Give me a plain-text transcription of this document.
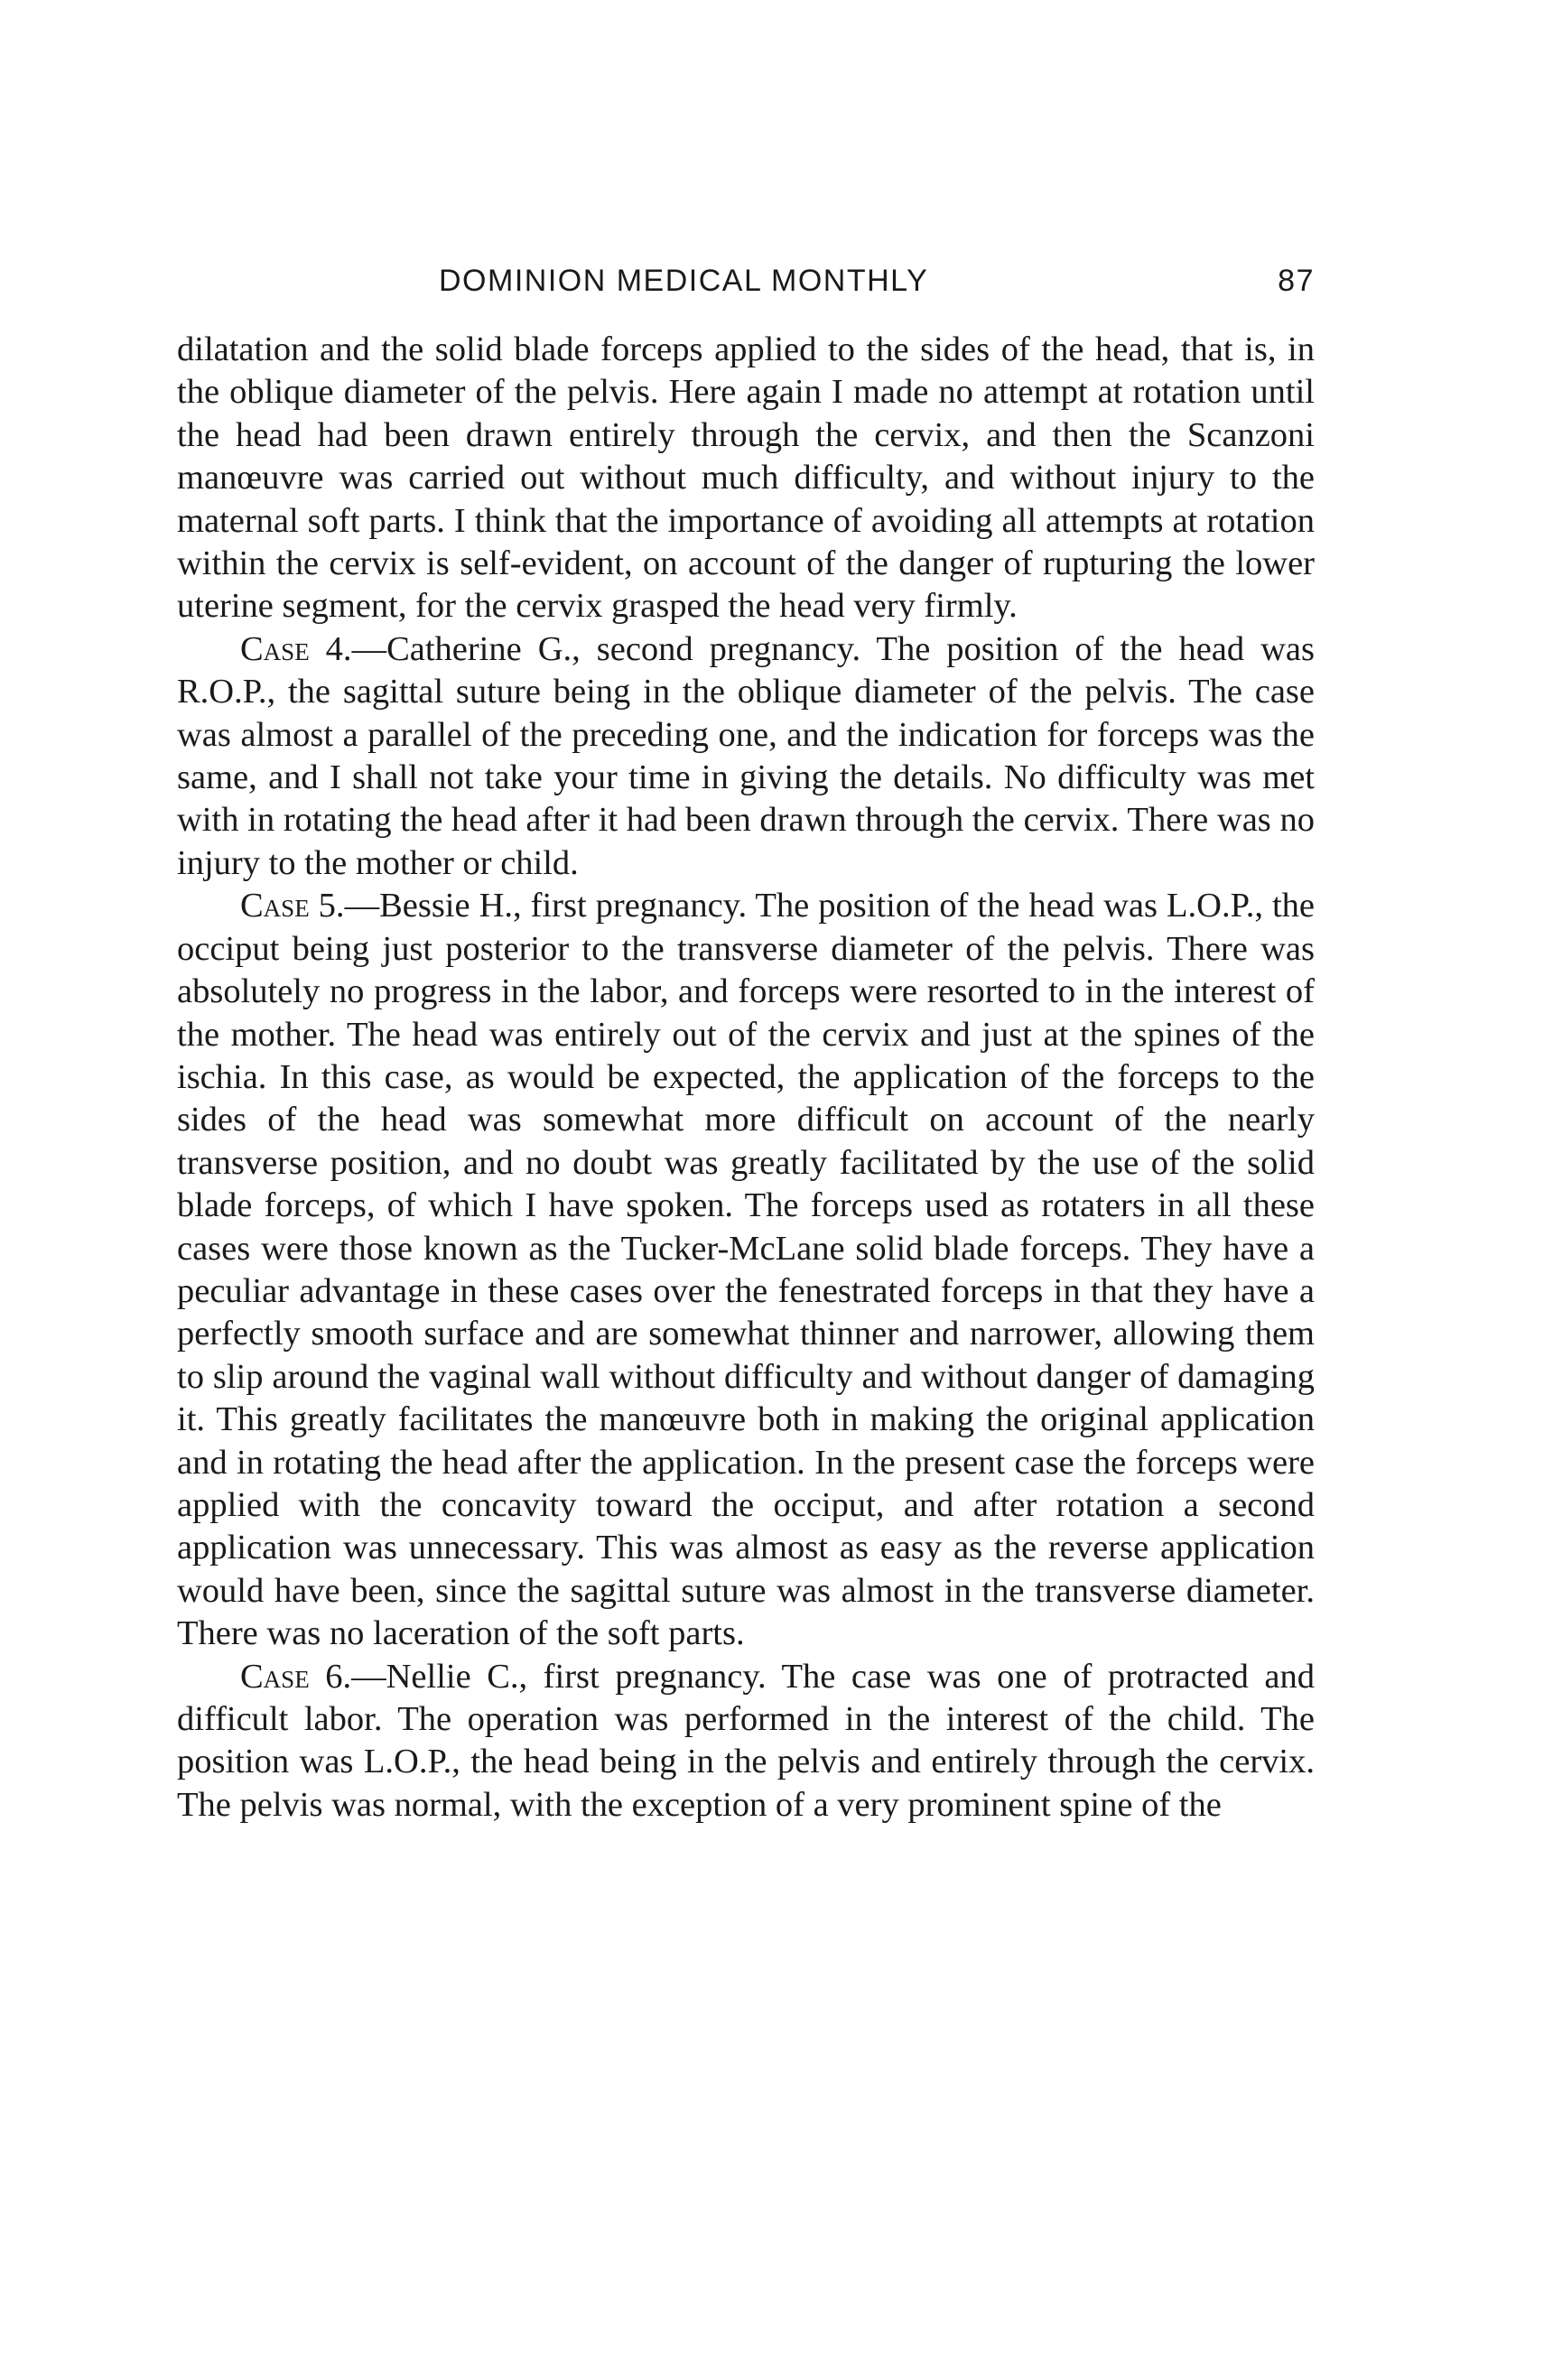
DOMINION MEDICAL MONTHLY	87

dilatation and the solid blade forceps applied to the sides of the head, that is, in the oblique diameter of the pelvis. Here again I made no attempt at rotation until the head had been drawn entirely through the cervix, and then the Scanzoni manœuvre was carried out without much difficulty, and without injury to the maternal soft parts. I think that the importance of avoiding all attempts at rotation within the cervix is self-evident, on account of the danger of rupturing the lower uterine segment, for the cervix grasped the head very firmly.

Case 4.—Catherine G., second pregnancy. The position of the head was R.O.P., the sagittal suture being in the oblique diameter of the pelvis. The case was almost a parallel of the preceding one, and the indication for forceps was the same, and I shall not take your time in giving the details. No difficulty was met with in rotating the head after it had been drawn through the cervix. There was no injury to the mother or child.

Case 5.—Bessie H., first pregnancy. The position of the head was L.O.P., the occiput being just posterior to the transverse diameter of the pelvis. There was absolutely no progress in the labor, and forceps were resorted to in the interest of the mother. The head was entirely out of the cervix and just at the spines of the ischia. In this case, as would be expected, the application of the forceps to the sides of the head was somewhat more difficult on account of the nearly transverse position, and no doubt was greatly facilitated by the use of the solid blade forceps, of which I have spoken. The forceps used as rotaters in all these cases were those known as the Tucker-McLane solid blade forceps. They have a peculiar advantage in these cases over the fenestrated forceps in that they have a perfectly smooth surface and are somewhat thinner and narrower, allowing them to slip around the vaginal wall without difficulty and without danger of damaging it. This greatly facilitates the manœuvre both in making the original application and in rotating the head after the application. In the present case the forceps were applied with the concavity toward the occiput, and after rotation a second application was unnecessary. This was almost as easy as the reverse application would have been, since the sagittal suture was almost in the transverse diameter. There was no laceration of the soft parts.

Case 6.—Nellie C., first pregnancy. The case was one of protracted and difficult labor. The operation was performed in the interest of the child. The position was L.O.P., the head being in the pelvis and entirely through the cervix. The pelvis was normal, with the exception of a very prominent spine of the
